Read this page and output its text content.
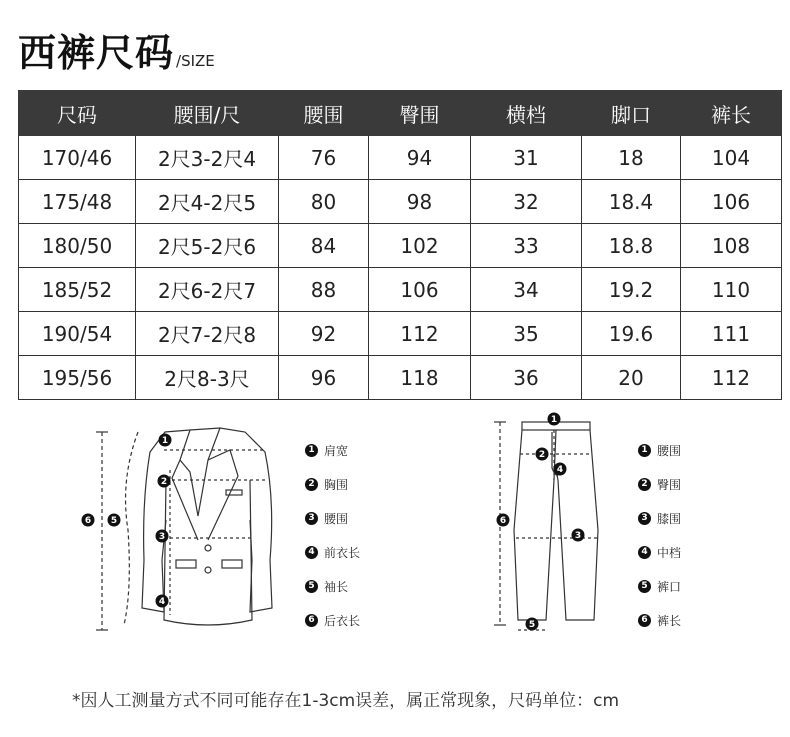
西裤尺码 /SIZE
尺码	腰围/尺	腰围	臀围	横档	脚口	裤长
170/46	2尺3-2尺4	76	94	31	18	104
175/48	2尺4-2尺5	80	98	32	18.4	106
180/50	2尺5-2尺6	84	102	33	18.8	108
185/52	2尺6-2尺7	88	106	34	19.2	110
190/54	2尺7-2尺8	92	112	35	19.6	111
195/56	2尺8-3尺	96	118	36	20	112
1
2
3
4
5
6
1 肩宽
2 胸围
3 腰围
4 前衣长
5 袖长
6 后衣长
1
2
3
4
5
6
1 腰围
2 臀围
3 膝围
4 中档
5 裤口
6 裤长
*因人工测量方式不同可能存在1-3cm误差，属正常现象，尺码单位：cm
